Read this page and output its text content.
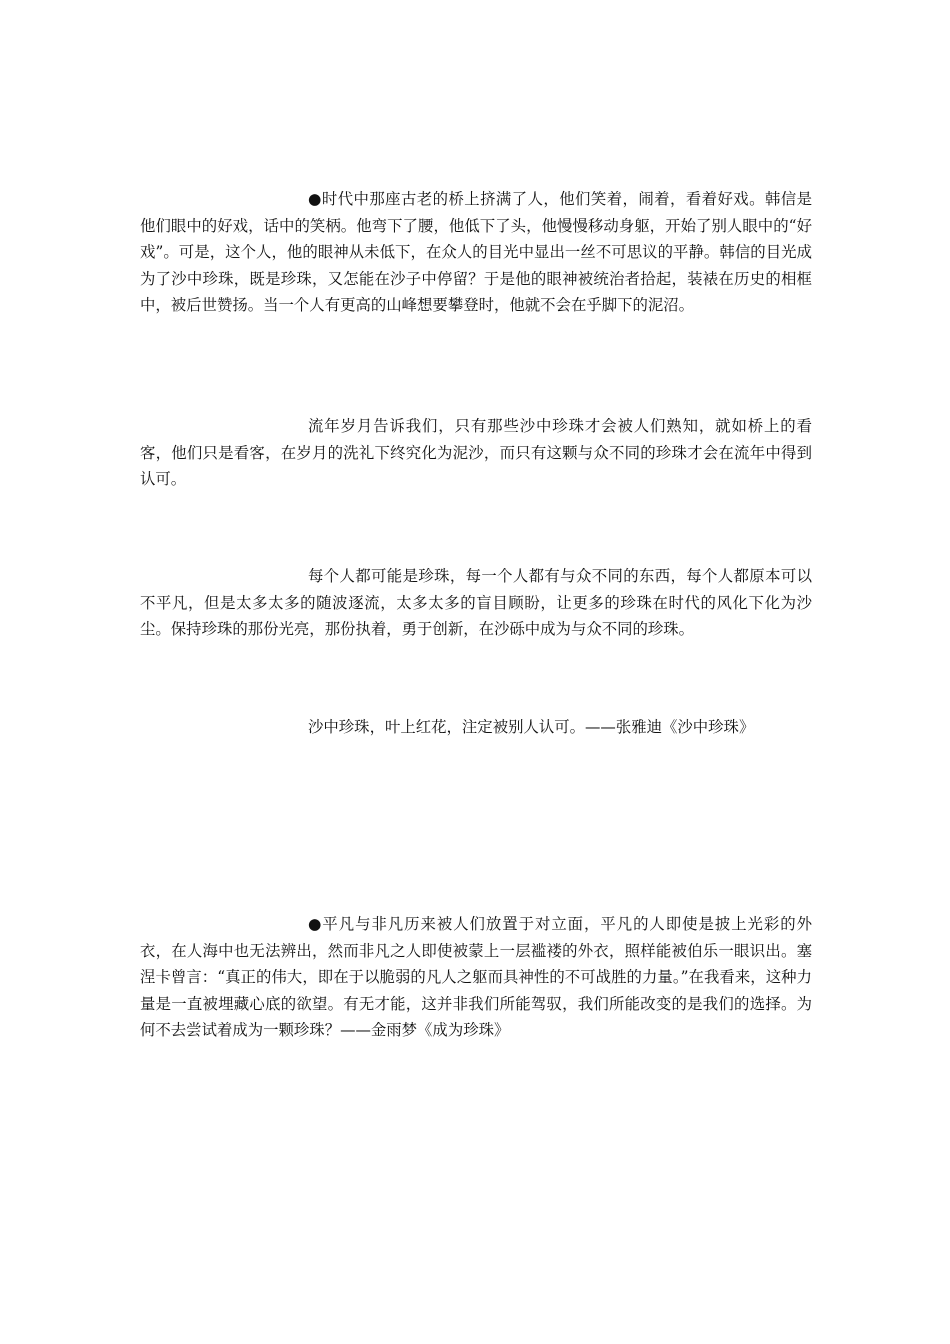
●时代中那座古老的桥上挤满了人，他们笑着，闹着，看着好戏。韩信是他们眼中的好戏，话中的笑柄。他弯下了腰，他低下了头，他慢慢移动身躯，开始了别人眼中的“好戏”。可是，这个人，他的眼神从未低下，在众人的目光中显出一丝不可思议的平静。韩信的目光成为了沙中珍珠，既是珍珠，又怎能在沙子中停留？于是他的眼神被统治者拾起，装裱在历史的相框中，被后世赞扬。当一个人有更高的山峰想要攀登时，他就不会在乎脚下的泥沼。

流年岁月告诉我们，只有那些沙中珍珠才会被人们熟知，就如桥上的看客，他们只是看客，在岁月的洗礼下终究化为泥沙，而只有这颗与众不同的珍珠才会在流年中得到认可。

每个人都可能是珍珠，每一个人都有与众不同的东西，每个人都原本可以不平凡，但是太多太多的随波逐流，太多太多的盲目顾盼，让更多的珍珠在时代的风化下化为沙尘。保持珍珠的那份光亮，那份执着，勇于创新，在沙砾中成为与众不同的珍珠。

沙中珍珠，叶上红花，注定被别人认可。——张雅迪《沙中珍珠》

●平凡与非凡历来被人们放置于对立面，平凡的人即使是披上光彩的外衣，在人海中也无法辨出，然而非凡之人即使被蒙上一层褴褛的外衣，照样能被伯乐一眼识出。塞涅卡曾言：“真正的伟大，即在于以脆弱的凡人之躯而具神性的不可战胜的力量。”在我看来，这种力量是一直被埋藏心底的欲望。有无才能，这并非我们所能驾驭，我们所能改变的是我们的选择。为何不去尝试着成为一颗珍珠？——金雨梦《成为珍珠》
